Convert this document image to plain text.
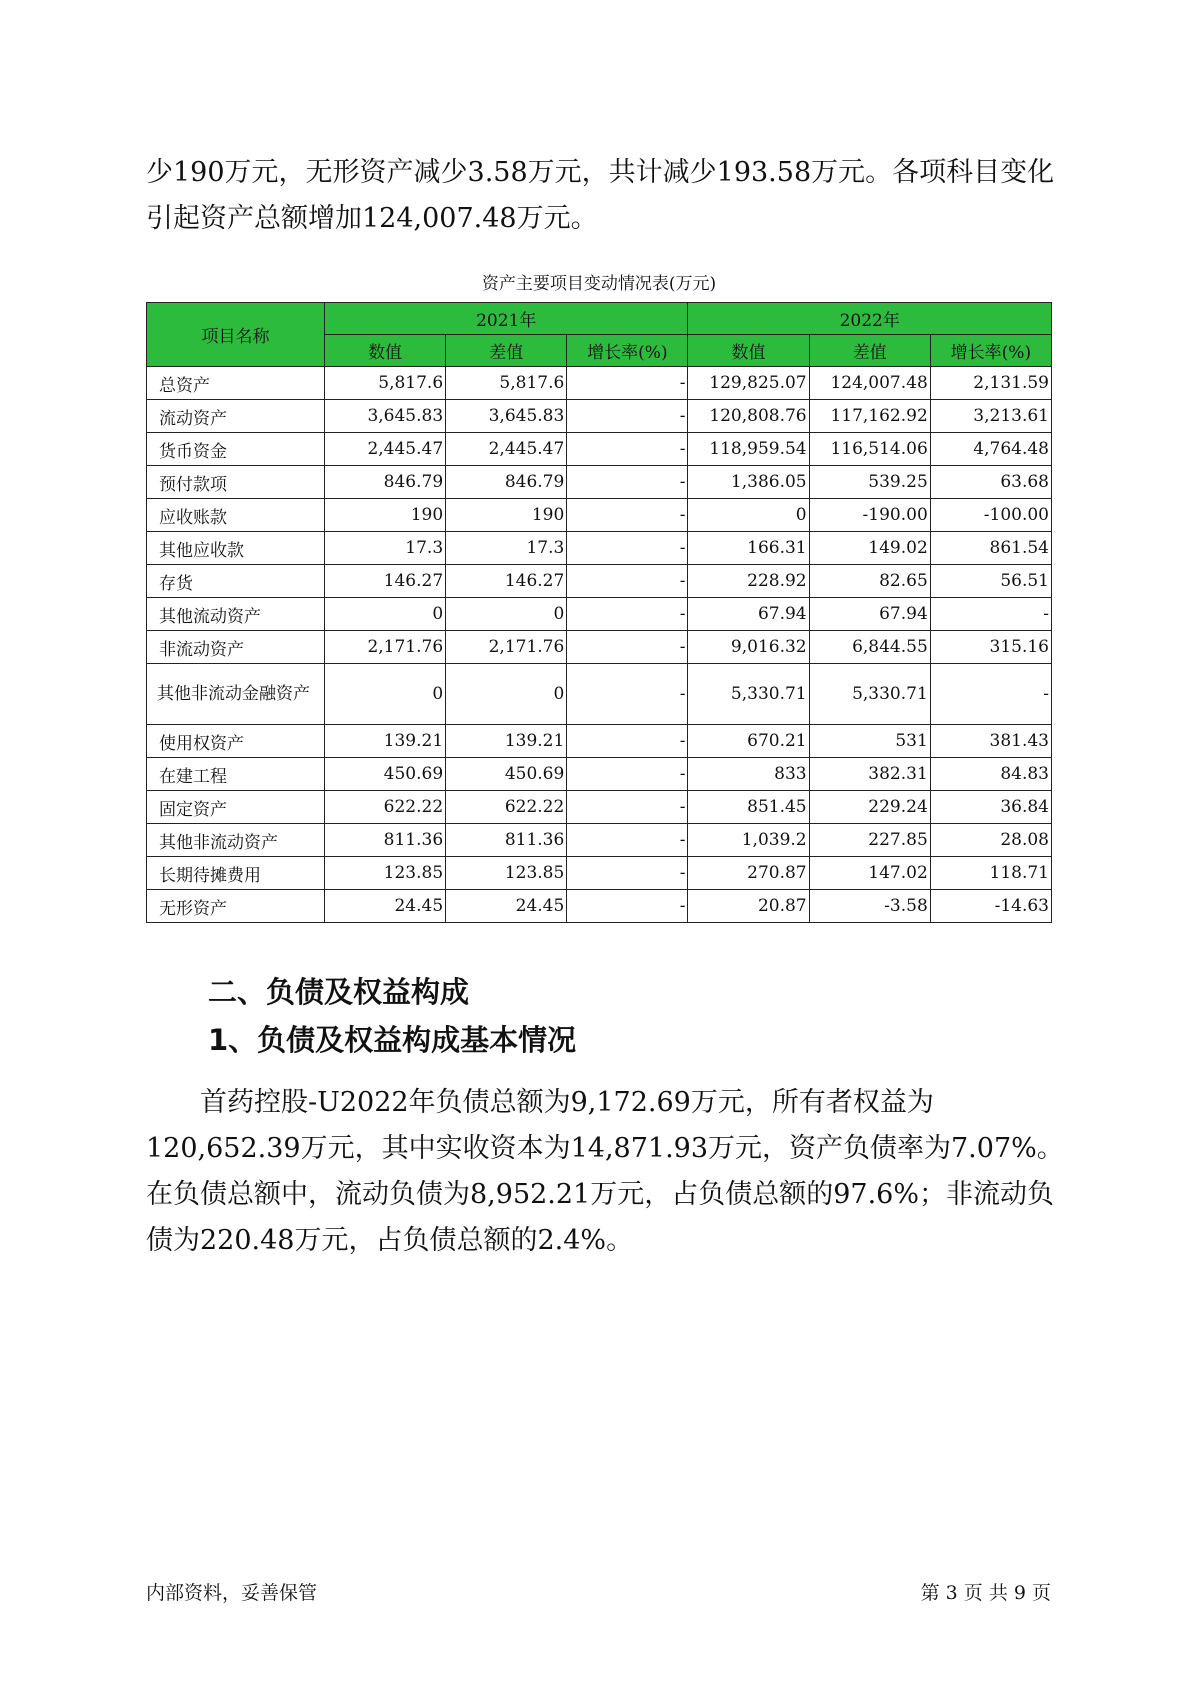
少190万元，无形资产减少3.58万元，共计减少193.58万元。各项科目变化引起资产总额增加124,007.48万元。

资产主要项目变动情况表(万元)
项目名称	2021年			2022年		
	数值	差值	增长率(%)	数值	差值	增长率(%)
总资产	5,817.6	5,817.6	-	129,825.07	124,007.48	2,131.59
流动资产	3,645.83	3,645.83	-	120,808.76	117,162.92	3,213.61
货币资金	2,445.47	2,445.47	-	118,959.54	116,514.06	4,764.48
预付款项	846.79	846.79	-	1,386.05	539.25	63.68
应收账款	190	190	-	0	-190.00	-100.00
其他应收款	17.3	17.3	-	166.31	149.02	861.54
存货	146.27	146.27	-	228.92	82.65	56.51
其他流动资产	0	0	-	67.94	67.94	-
非流动资产	2,171.76	2,171.76	-	9,016.32	6,844.55	315.16
其他非流动金融资产	0	0	-	5,330.71	5,330.71	-
使用权资产	139.21	139.21	-	670.21	531	381.43
在建工程	450.69	450.69	-	833	382.31	84.83
固定资产	622.22	622.22	-	851.45	229.24	36.84
其他非流动资产	811.36	811.36	-	1,039.2	227.85	28.08
长期待摊费用	123.85	123.85	-	270.87	147.02	118.71
无形资产	24.45	24.45	-	20.87	-3.58	-14.63
二、负债及权益构成
1、负债及权益构成基本情况

　　首药控股-U2022年负债总额为9,172.69万元，所有者权益为120,652.39万元，其中实收资本为14,871.93万元，资产负债率为7.07%。在负债总额中，流动负债为8,952.21万元，占负债总额的97.6%；非流动负债为220.48万元，占负债总额的2.4%。

内部资料，妥善保管	第 3 页 共 9 页
